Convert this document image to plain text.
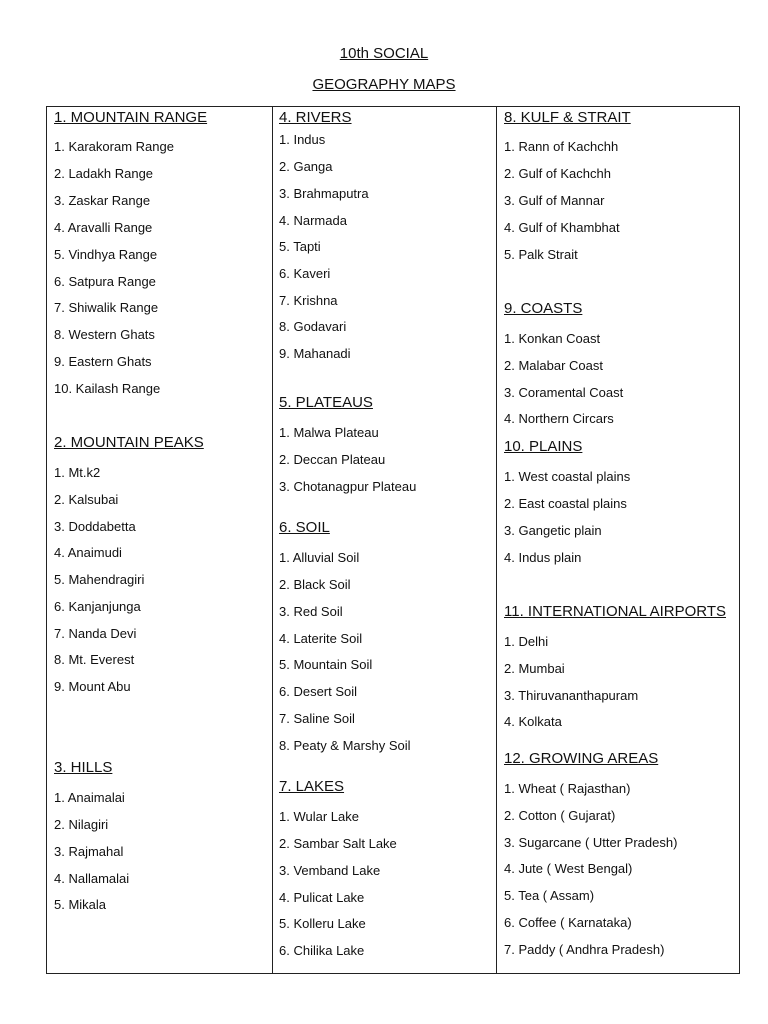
10th SOCIAL
GEOGRAPHY MAPS
1. MOUNTAIN RANGE
1. Karakoram Range
2. Ladakh Range
3. Zaskar Range
4. Aravalli Range
5. Vindhya Range
6. Satpura Range
7. Shiwalik Range
8. Western Ghats
9. Eastern Ghats
10. Kailash Range
2. MOUNTAIN PEAKS
1. Mt.k2
2. Kalsubai
3. Doddabetta
4. Anaimudi
5. Mahendragiri
6. Kanjanjunga
7. Nanda Devi
8. Mt. Everest
9. Mount Abu
3. HILLS
1. Anaimalai
2. Nilagiri
3. Rajmahal
4. Nallamalai
5. Mikala
4. RIVERS
1. Indus
2. Ganga
3. Brahmaputra
4. Narmada
5. Tapti
6. Kaveri
7. Krishna
8. Godavari
9. Mahanadi
5. PLATEAUS
1. Malwa Plateau
2. Deccan Plateau
3. Chotanagpur Plateau
6. SOIL
1. Alluvial Soil
2. Black Soil
3. Red Soil
4. Laterite Soil
5. Mountain Soil
6. Desert Soil
7. Saline Soil
8. Peaty & Marshy Soil
7. LAKES
1. Wular Lake
2. Sambar Salt Lake
3. Vemband Lake
4. Pulicat Lake
5. Kolleru Lake
6. Chilika Lake
8. KULF & STRAIT
1. Rann of Kachchh
2. Gulf of Kachchh
3. Gulf of Mannar
4. Gulf of Khambhat
5. Palk Strait
9. COASTS
1. Konkan Coast
2. Malabar Coast
3. Coramental Coast
4. Northern Circars
10. PLAINS
1. West coastal plains
2. East coastal plains
3. Gangetic plain
4. Indus plain
11. INTERNATIONAL AIRPORTS
1. Delhi
2. Mumbai
3. Thiruvananthapuram
4. Kolkata
12. GROWING AREAS
1. Wheat ( Rajasthan)
2. Cotton ( Gujarat)
3. Sugarcane ( Utter Pradesh)
4. Jute ( West Bengal)
5. Tea ( Assam)
6. Coffee ( Karnataka)
7. Paddy ( Andhra Pradesh)
